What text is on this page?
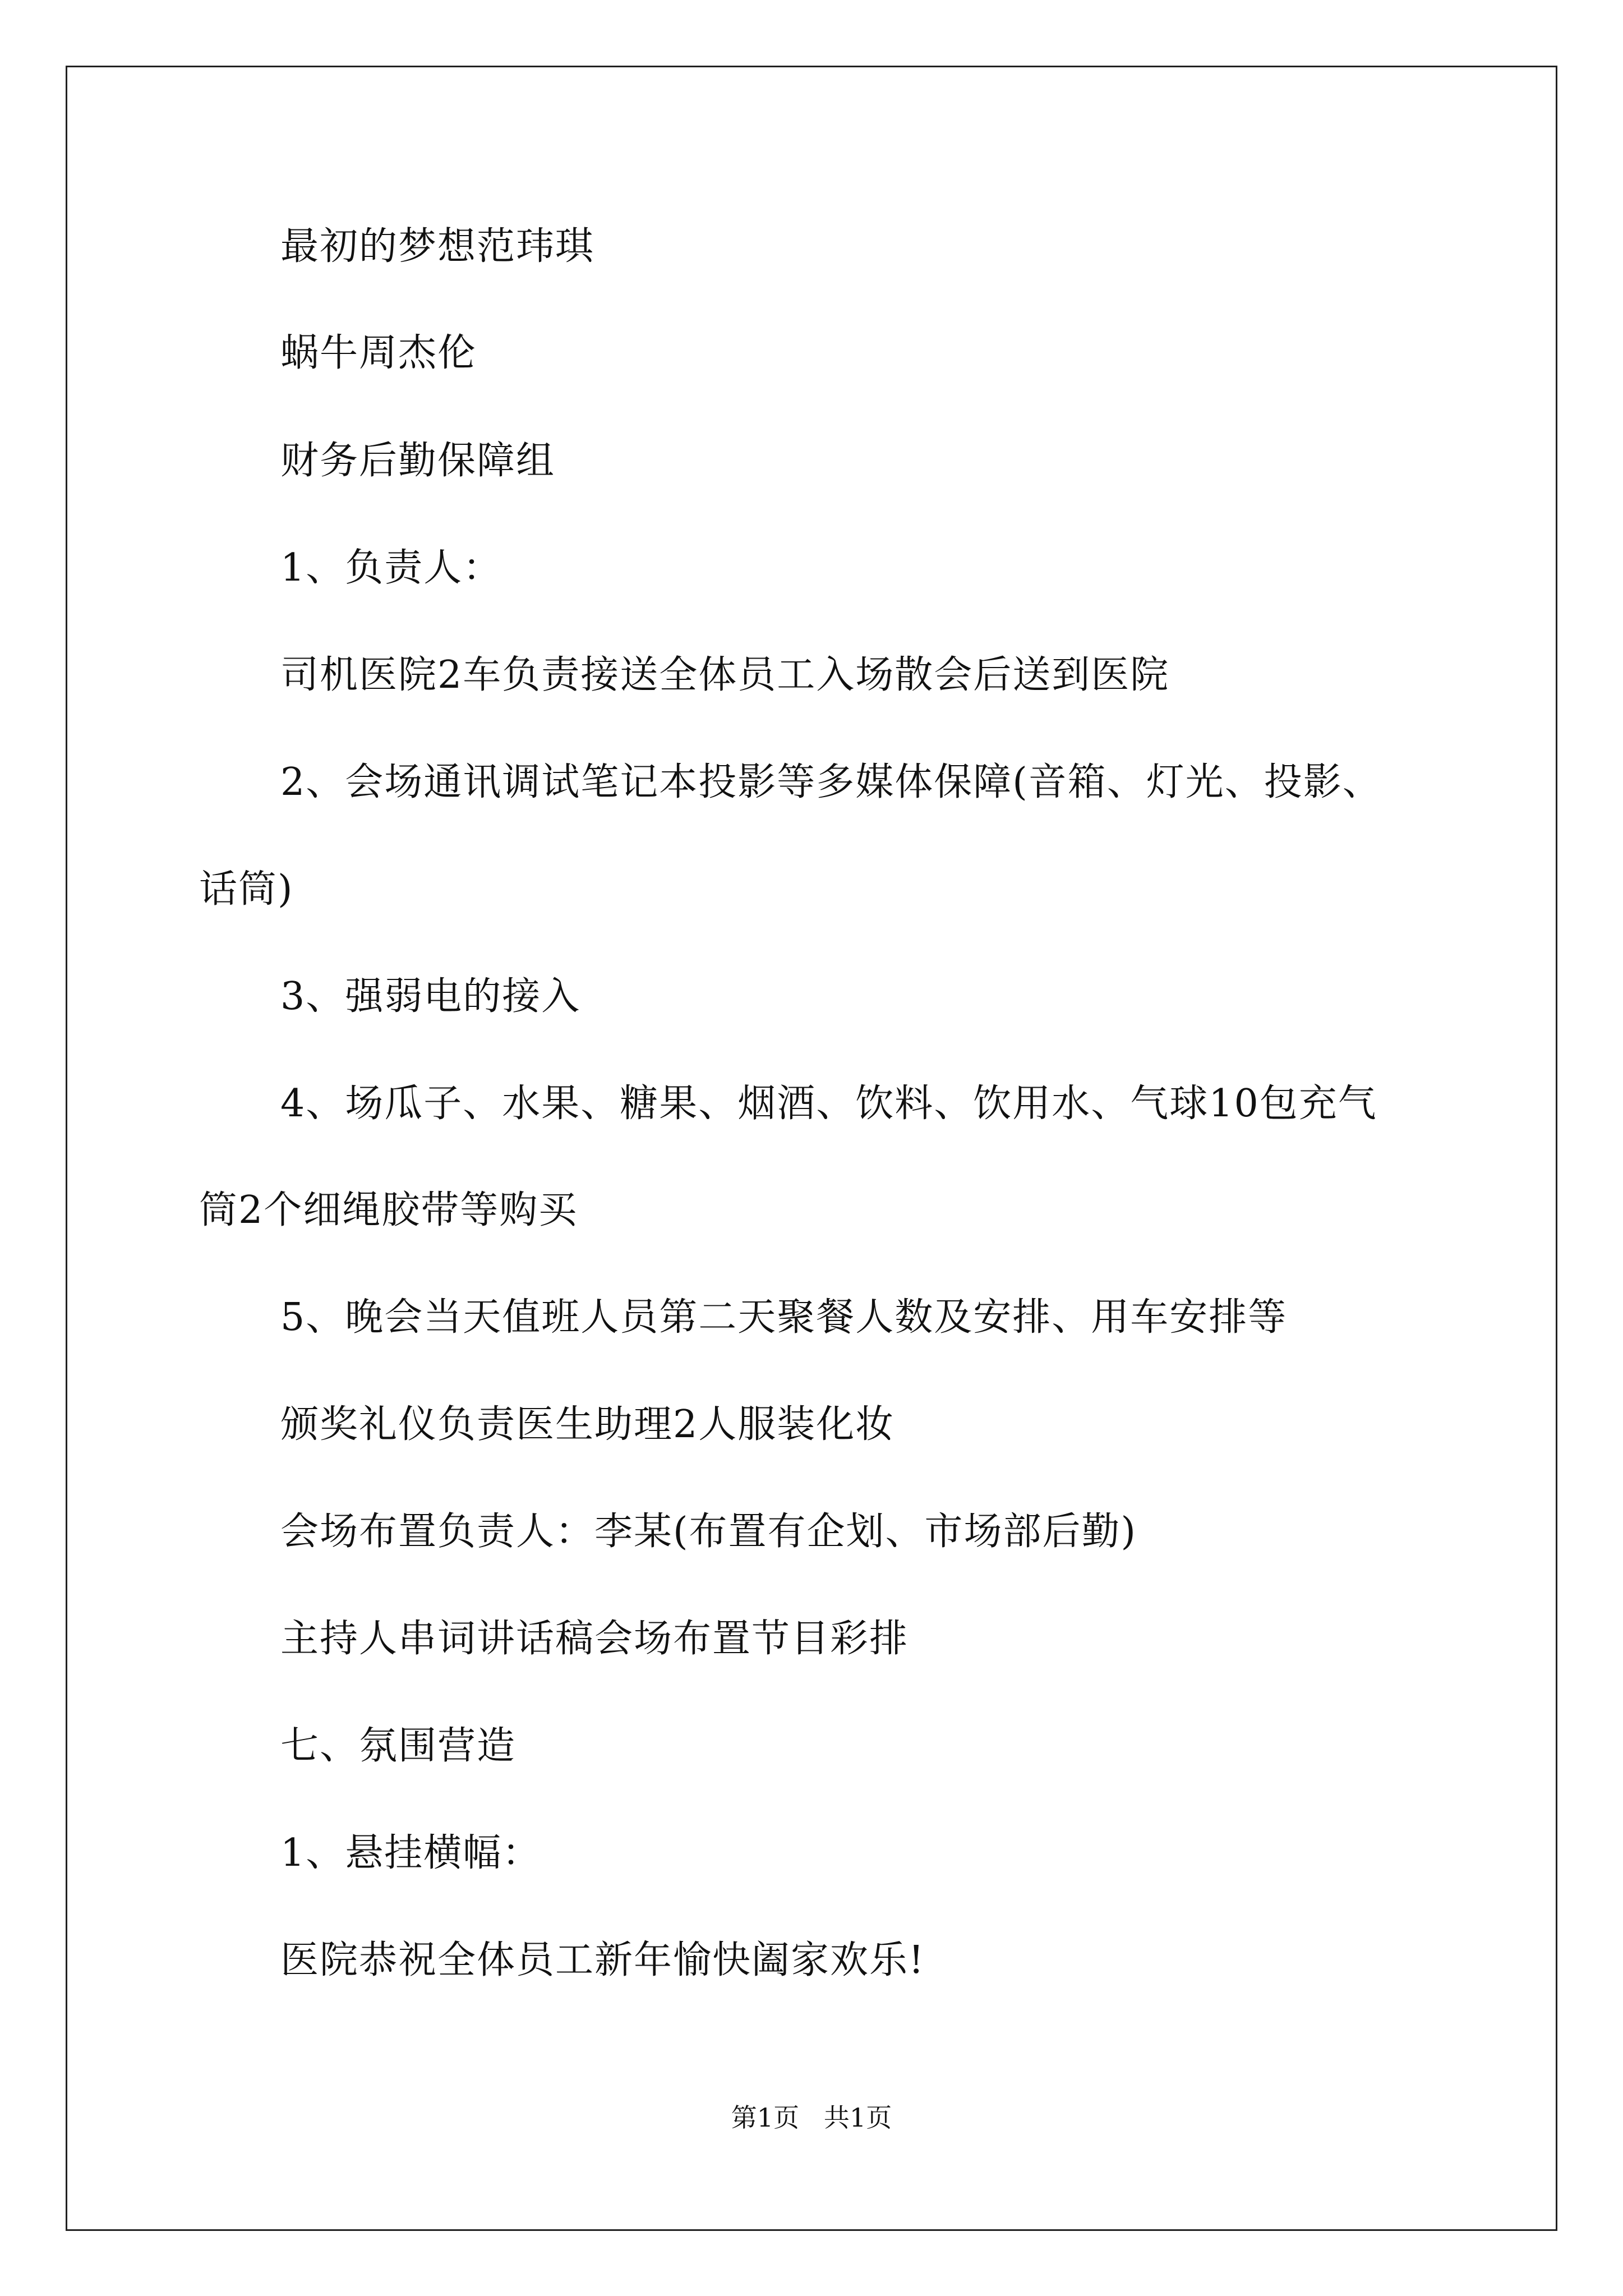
最初的梦想范玮琪
蜗牛周杰伦
财务后勤保障组
1、负责人：
司机医院2车负责接送全体员工入场散会后送到医院
2、会场通讯调试笔记本投影等多媒体保障(音箱、灯光、投影、
话筒)
3、强弱电的接入
4、场瓜子、水果、糖果、烟酒、饮料、饮用水、气球10包充气
筒2个细绳胶带等购买
5、晚会当天值班人员第二天聚餐人数及安排、用车安排等
颁奖礼仪负责医生助理2人服装化妆
会场布置负责人：李某(布置有企划、市场部后勤)
主持人串词讲话稿会场布置节目彩排
七、氛围营造
1、悬挂横幅：
医院恭祝全体员工新年愉快阖家欢乐!
第1页   共1页
